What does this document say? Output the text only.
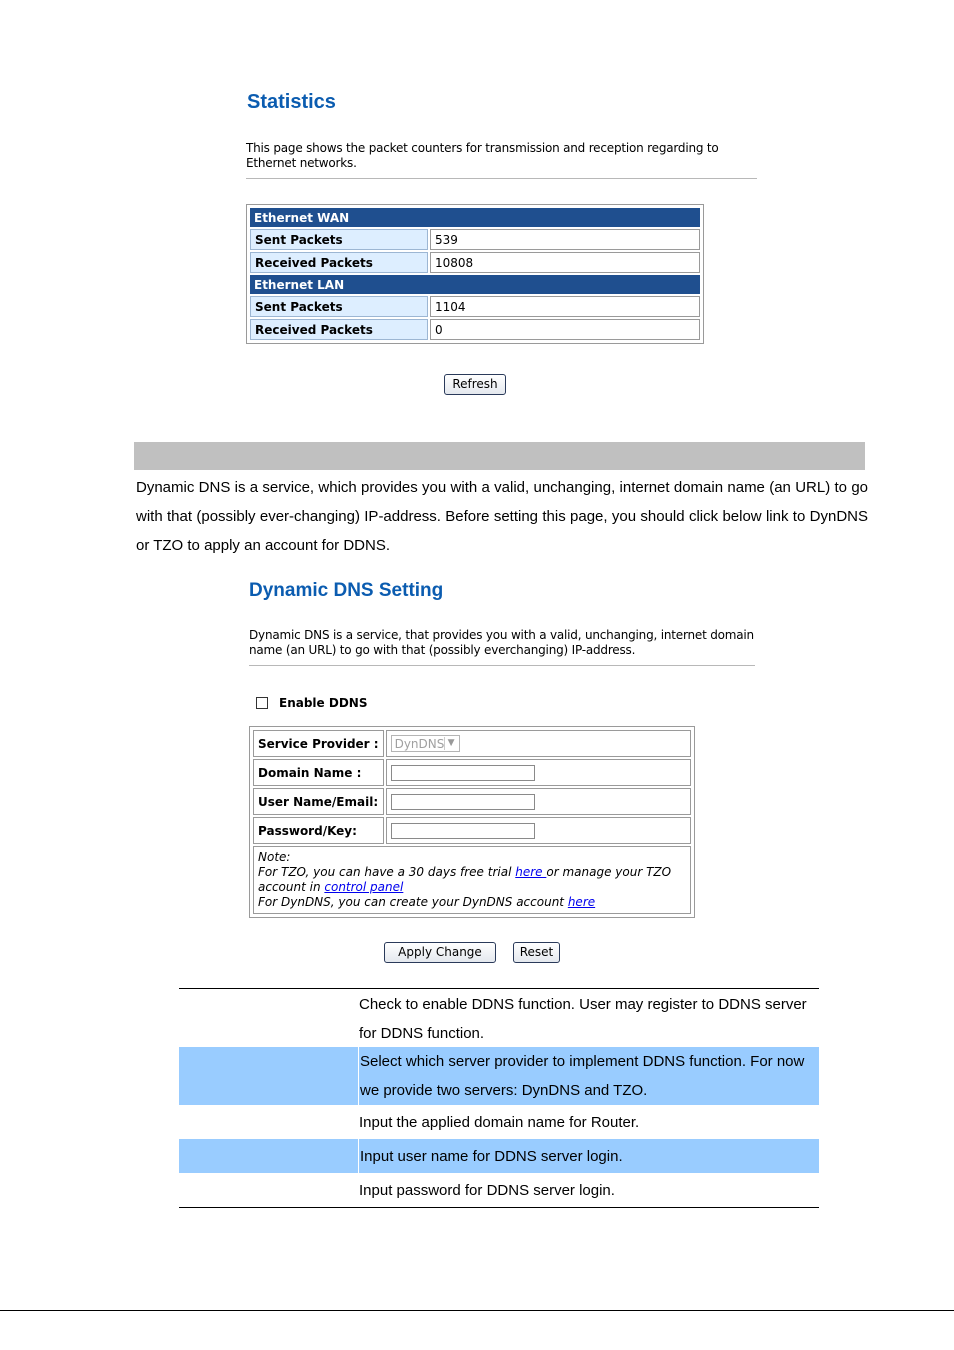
Statistics
This page shows the packet counters for transmission and reception regarding to Ethernet networks.
Ethernet WAN	
Sent Packets	539
Received Packets	10808
Ethernet LAN	
Sent Packets	1104
Received Packets	0
Refresh
Dynamic DNS is a service, which provides you with a valid, unchanging, internet domain name (an URL) to go with that (possibly ever-changing) IP-address. Before setting this page, you should click below link to DynDNS or TZO to apply an account for DDNS.
Dynamic DNS Setting
Dynamic DNS is a service, that provides you with a valid, unchanging, internet domain name (an URL) to go with that (possibly everchanging) IP-address.
Enable DDNS
Service Provider :	DynDNS ▼

Domain Name :	
User Name/Email:	
Password/Key:	

Note:
For TZO, you can have a 30 days free trial here or manage your TZO account in control panel
For DynDNS, you can create your DynDNS account here	
Apply Change	Reset
Check to enable DDNS function. User may register to DDNS server for DDNS function.
Select which server provider to implement DDNS function. For now we provide two servers: DynDNS and TZO.
Input the applied domain name for Router.
Input user name for DDNS server login.
Input password for DDNS server login.
